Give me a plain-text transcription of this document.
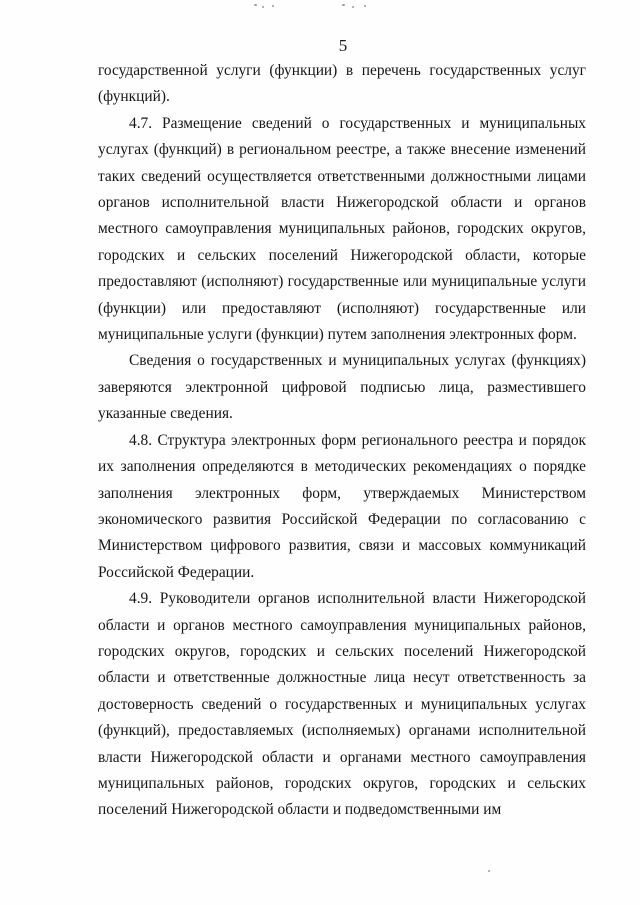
5

государственной услуги (функции) в перечень государственных услуг (функций).

4.7. Размещение сведений о государственных и муниципальных услугах (функций) в региональном реестре, а также внесение изменений таких сведений осуществляется ответственными должностными лицами органов исполнительной власти Нижегородской области и органов местного самоуправления муниципальных районов, городских округов, городских и сельских поселений Нижегородской области, которые предоставляют (исполняют) государственные или муниципальные услуги (функции) или предоставляют (исполняют) государственные или муниципальные услуги (функции) путем заполнения электронных форм.

Сведения о государственных и муниципальных услугах (функциях) заверяются электронной цифровой подписью лица, разместившего указанные сведения.

4.8. Структура электронных форм регионального реестра и порядок их заполнения определяются в методических рекомендациях о порядке заполнения электронных форм, утверждаемых Министерством экономического развития Российской Федерации по согласованию с Министерством цифрового развития, связи и массовых коммуникаций Российской Федерации.

4.9. Руководители органов исполнительной власти Нижегородской области и органов местного самоуправления муниципальных районов, городских округов, городских и сельских поселений Нижегородской области и ответственные должностные лица несут ответственность за достоверность сведений о государственных и муниципальных услугах (функций), предоставляемых (исполняемых) органами исполнительной власти Нижегородской области и органами местного самоуправления муниципальных районов, городских округов, городских и сельских поселений Нижегородской области и подведомственными им
